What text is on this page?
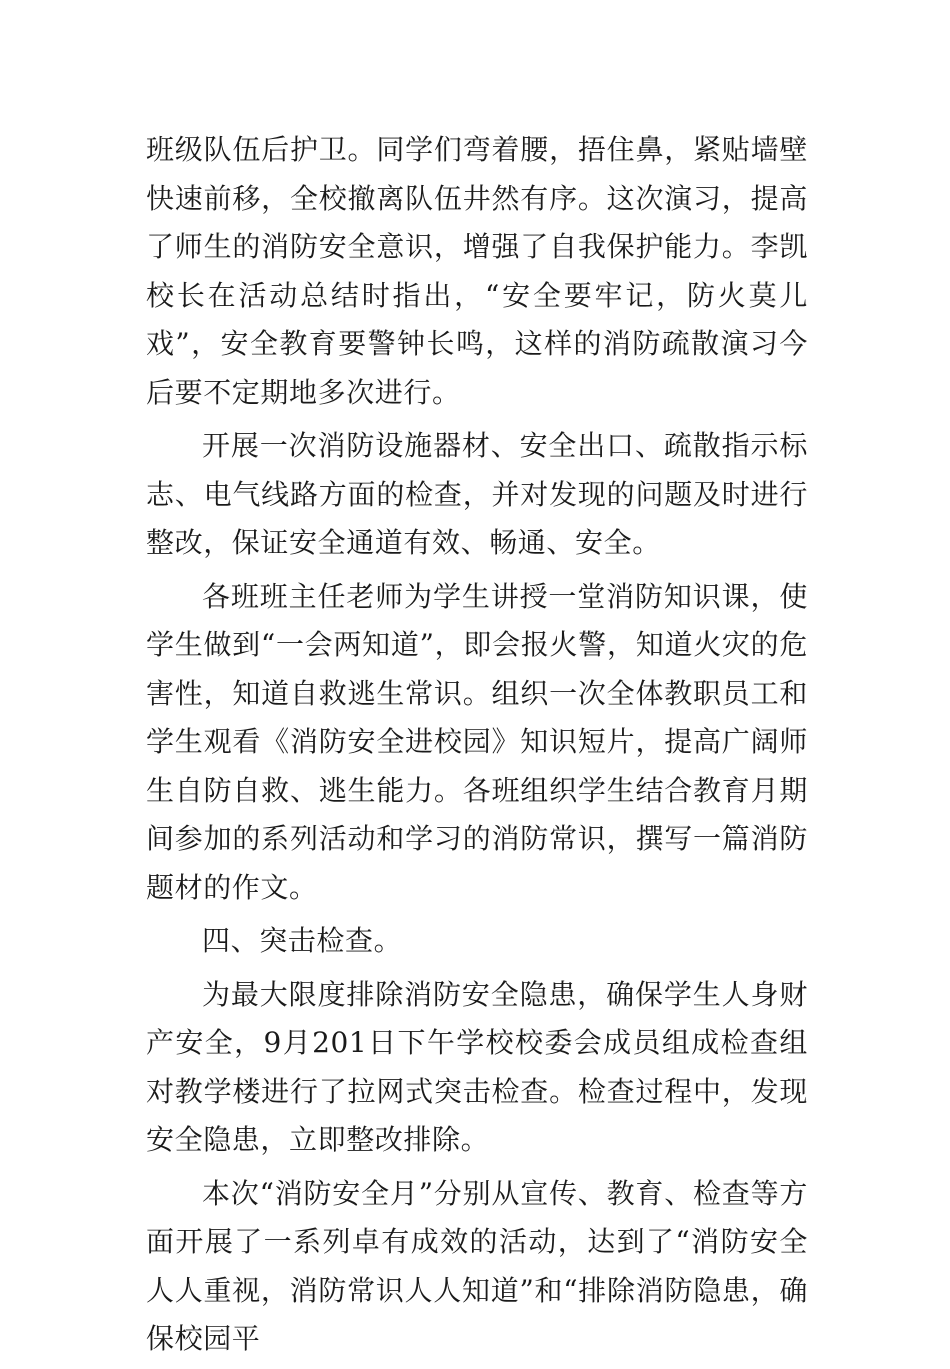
班级队伍后护卫。同学们弯着腰，捂住鼻，紧贴墙壁快速前移，全校撤离队伍井然有序。这次演习，提高了师生的消防安全意识，增强了自我保护能力。李凯校长在活动总结时指出，“安全要牢记，防火莫儿戏”，安全教育要警钟长鸣，这样的消防疏散演习今后要不定期地多次进行。

开展一次消防设施器材、安全出口、疏散指示标志、电气线路方面的检查，并对发现的问题及时进行整改，保证安全通道有效、畅通、安全。

各班班主任老师为学生讲授一堂消防知识课，使学生做到“一会两知道”，即会报火警，知道火灾的危害性，知道自救逃生常识。组织一次全体教职员工和学生观看《消防安全进校园》知识短片，提高广阔师生自防自救、逃生能力。各班组织学生结合教育月期间参加的系列活动和学习的消防常识，撰写一篇消防题材的作文。

四、突击检查。

为最大限度排除消防安全隐患，确保学生人身财产安全，9月201日下午学校校委会成员组成检查组对教学楼进行了拉网式突击检查。检查过程中，发现安全隐患，立即整改排除。

本次“消防安全月”分别从宣传、教育、检查等方面开展了一系列卓有成效的活动，达到了“消防安全人人重视，消防常识人人知道”和“排除消防隐患，确保校园平
